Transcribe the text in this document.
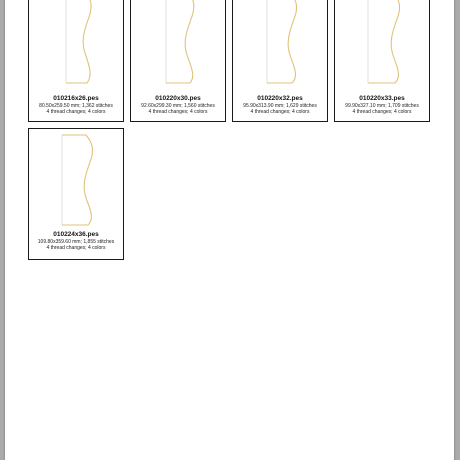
010216x26.pes
80.50x259.50 mm; 1,362 stitches
4 thread changes; 4 colors
010220x30.pes
92.60x299.30 mm; 1,560 stitches
4 thread changes; 4 colors
010220x32.pes
95.90x313.90 mm; 1,629 stitches
4 thread changes; 4 colors
010220x33.pes
99.90x327.10 mm; 1,709 stitches
4 thread changes; 4 colors
010224x36.pes
109.80x359.60 mm; 1,855 stitches
4 thread changes; 4 colors
